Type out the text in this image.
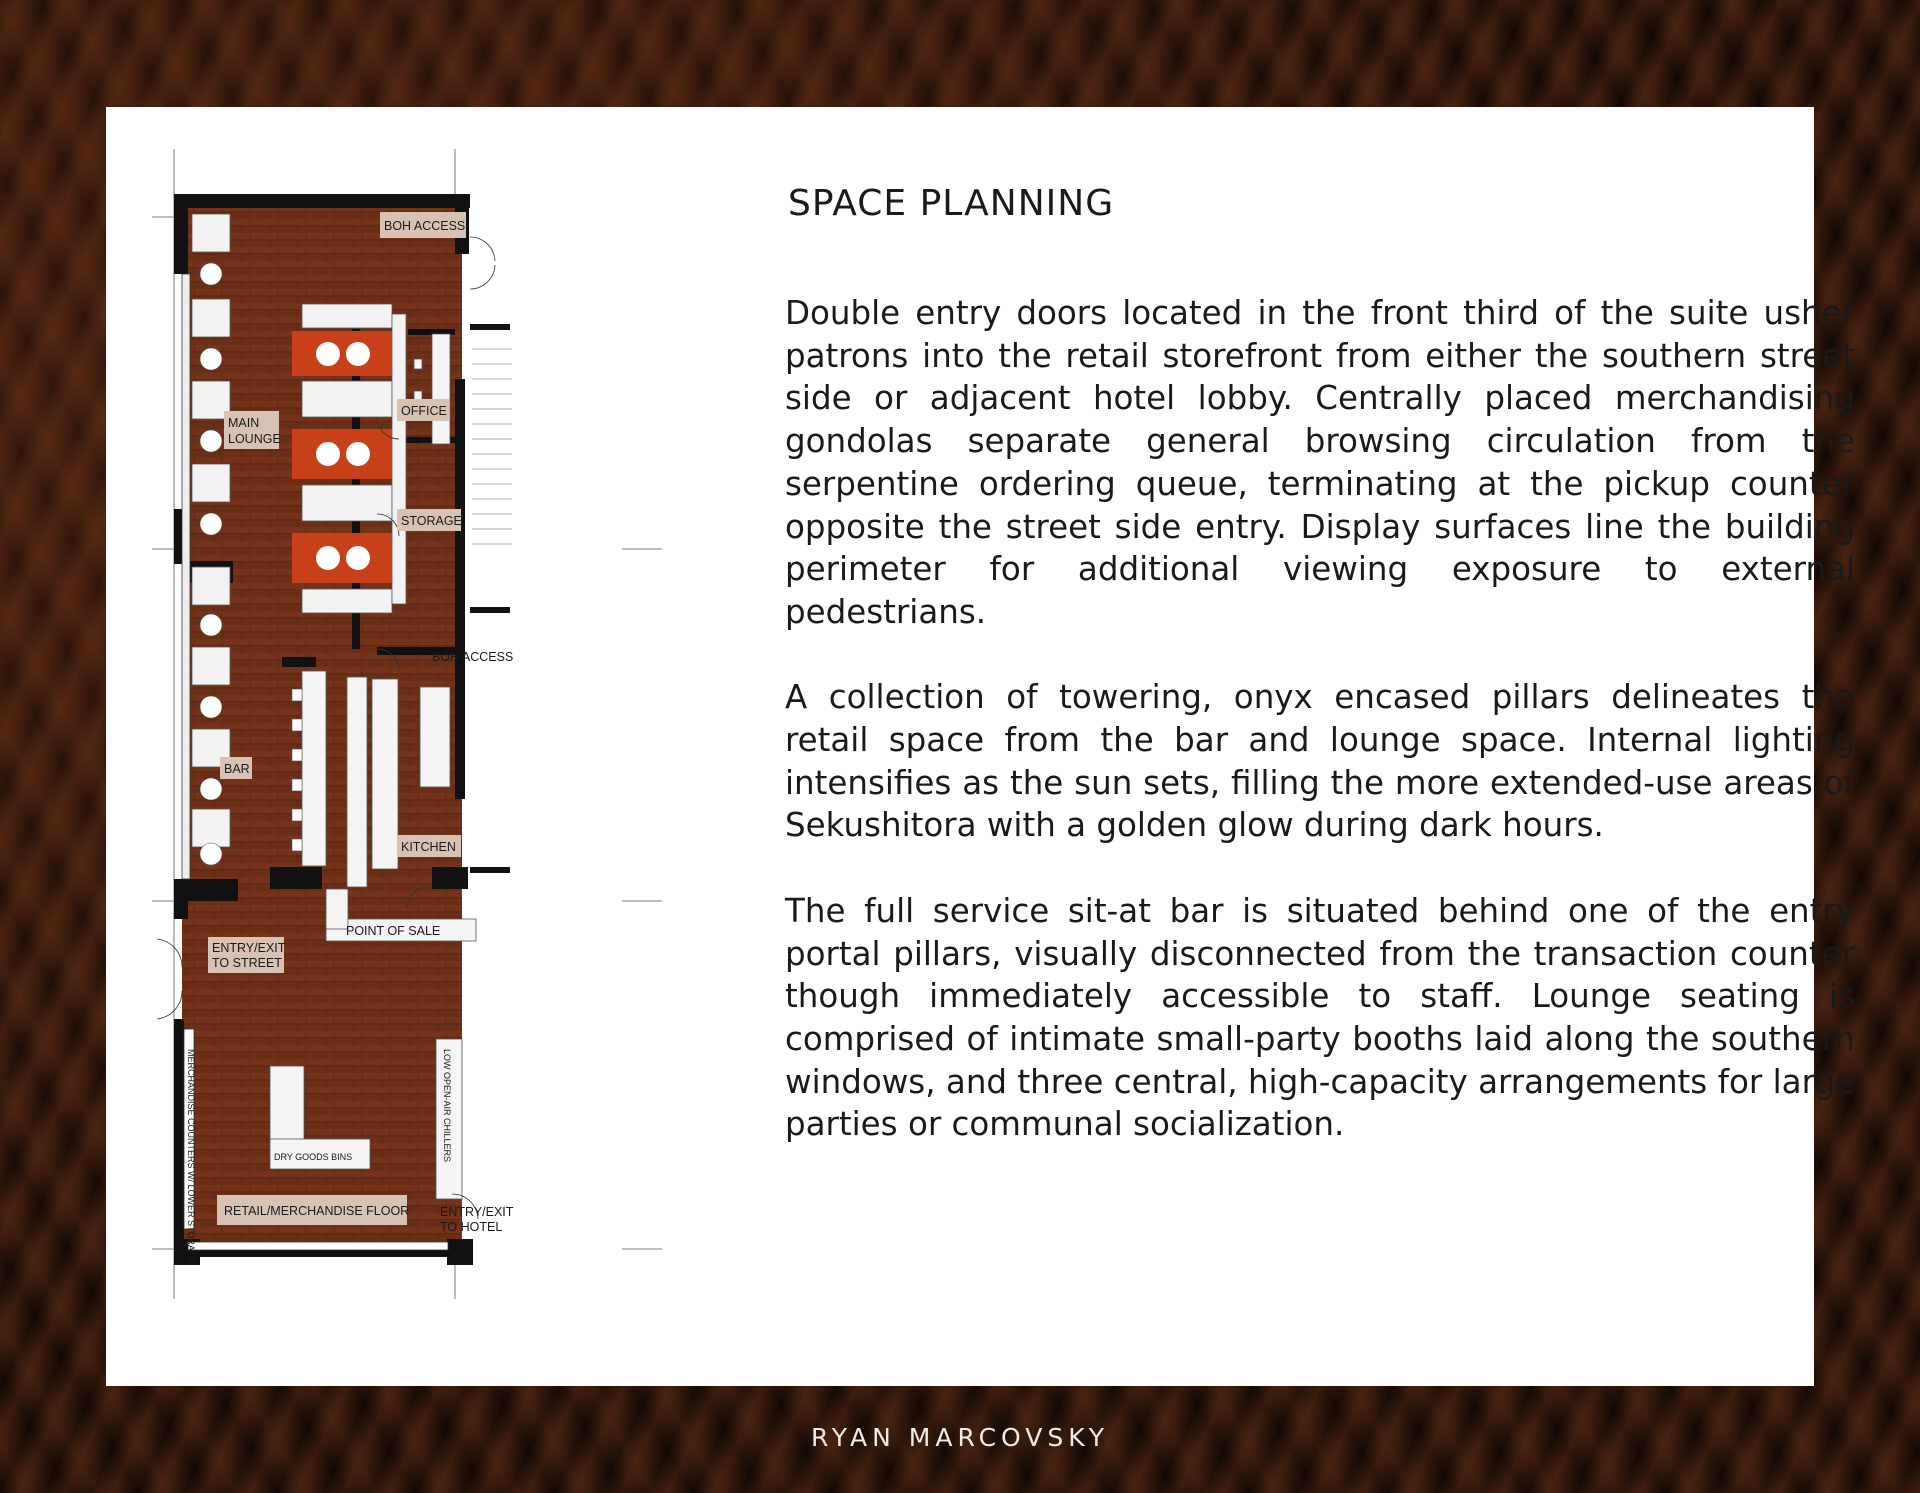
BOH ACCESS
MAIN
LOUNGE
OFFICE
STORAGE
BOH ACCESS
BAR
KITCHEN
ENTRY/EXIT
TO STREET
POINT OF SALE
MERCHANDISE COUNTERS W/ LOWER STORAGE	LOW OPEN-AIR CHILLERS
DRY GOODS BINS
RETAIL/MERCHANDISE FLOOR ENTRY/EXIT
TO HOTEL
SPACE PLANNING

Double entry doors located in the front third of the suite usher patrons into the retail storefront from either the southern street side or adjacent hotel lobby. Centrally placed merchandising gondolas separate general browsing circulation from the serpentine ordering queue, terminating at the pickup counter opposite the street side entry. Display surfaces line the building perimeter for additional viewing exposure to external pedestrians.

A collection of towering, onyx encased pillars delineates the retail space from the bar and lounge space. Internal lighting intensifies as the sun sets, filling the more extended-use areas of Sekushitora with a golden glow during dark hours.

The full service sit-at bar is situated behind one of the entry portal pillars, visually disconnected from the transaction counter though immediately accessible to staff. Lounge seating is comprised of intimate small-party booths laid along the southern windows, and three central, high-capacity arrangements for large parties or communal socialization.

RYAN MARCOVSKY
